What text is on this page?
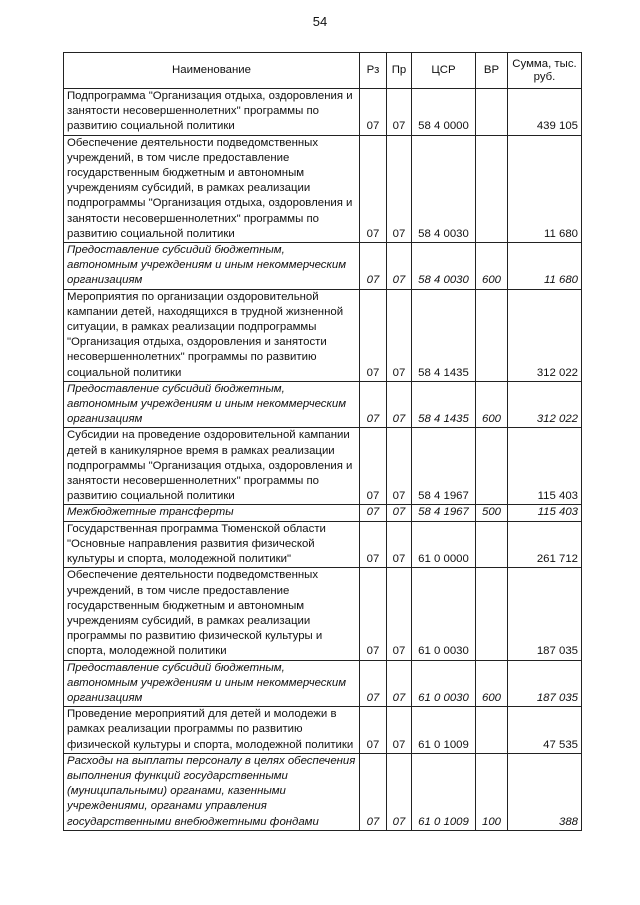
54
Наименование	Рз	Пр	ЦСР	ВР	Сумма, тыс. руб.
Подпрограмма "Организация отдыха, оздоровления и занятости несовершеннолетних" программы по развитию социальной политики	07	07	58 4 0000		439 105
Обеспечение деятельности подведомственных учреждений, в том числе предоставление государственным бюджетным и автономным учреждениям субсидий, в рамках реализации подпрограммы "Организация отдыха, оздоровления и занятости несовершеннолетних" программы по развитию социальной политики	07	07	58 4 0030		11 680
Предоставление субсидий бюджетным, автономным учреждениям и иным некоммерческим организациям	07	07	58 4 0030	600	11 680
Мероприятия по организации оздоровительной кампании детей, находящихся в трудной жизненной ситуации, в рамках реализации подпрограммы "Организация отдыха, оздоровления и занятости несовершеннолетних" программы по развитию социальной политики	07	07	58 4 1435		312 022
Предоставление субсидий бюджетным, автономным учреждениям и иным некоммерческим организациям	07	07	58 4 1435	600	312 022
Субсидии на проведение оздоровительной кампании детей в каникулярное время в рамках реализации подпрограммы "Организация отдыха, оздоровления и занятости несовершеннолетних" программы по развитию социальной политики	07	07	58 4 1967		115 403
Межбюджетные трансферты	07	07	58 4 1967	500	115 403
Государственная программа Тюменской области "Основные направления развития физической культуры и спорта, молодежной политики"	07	07	61 0 0000		261 712
Обеспечение деятельности подведомственных учреждений, в том числе предоставление государственным бюджетным и автономным учреждениям субсидий, в рамках реализации программы по развитию физической культуры и спорта, молодежной политики	07	07	61 0 0030		187 035
Предоставление субсидий бюджетным, автономным учреждениям и иным некоммерческим организациям	07	07	61 0 0030	600	187 035
Проведение мероприятий для детей и молодежи в рамках реализации программы по развитию физической культуры и спорта, молодежной политики	07	07	61 0 1009		47 535
Расходы на выплаты персоналу в целях обеспечения выполнения функций государственными (муниципальными) органами, казенными учреждениями, органами управления государственными внебюджетными фондами	07	07	61 0 1009	100	388
